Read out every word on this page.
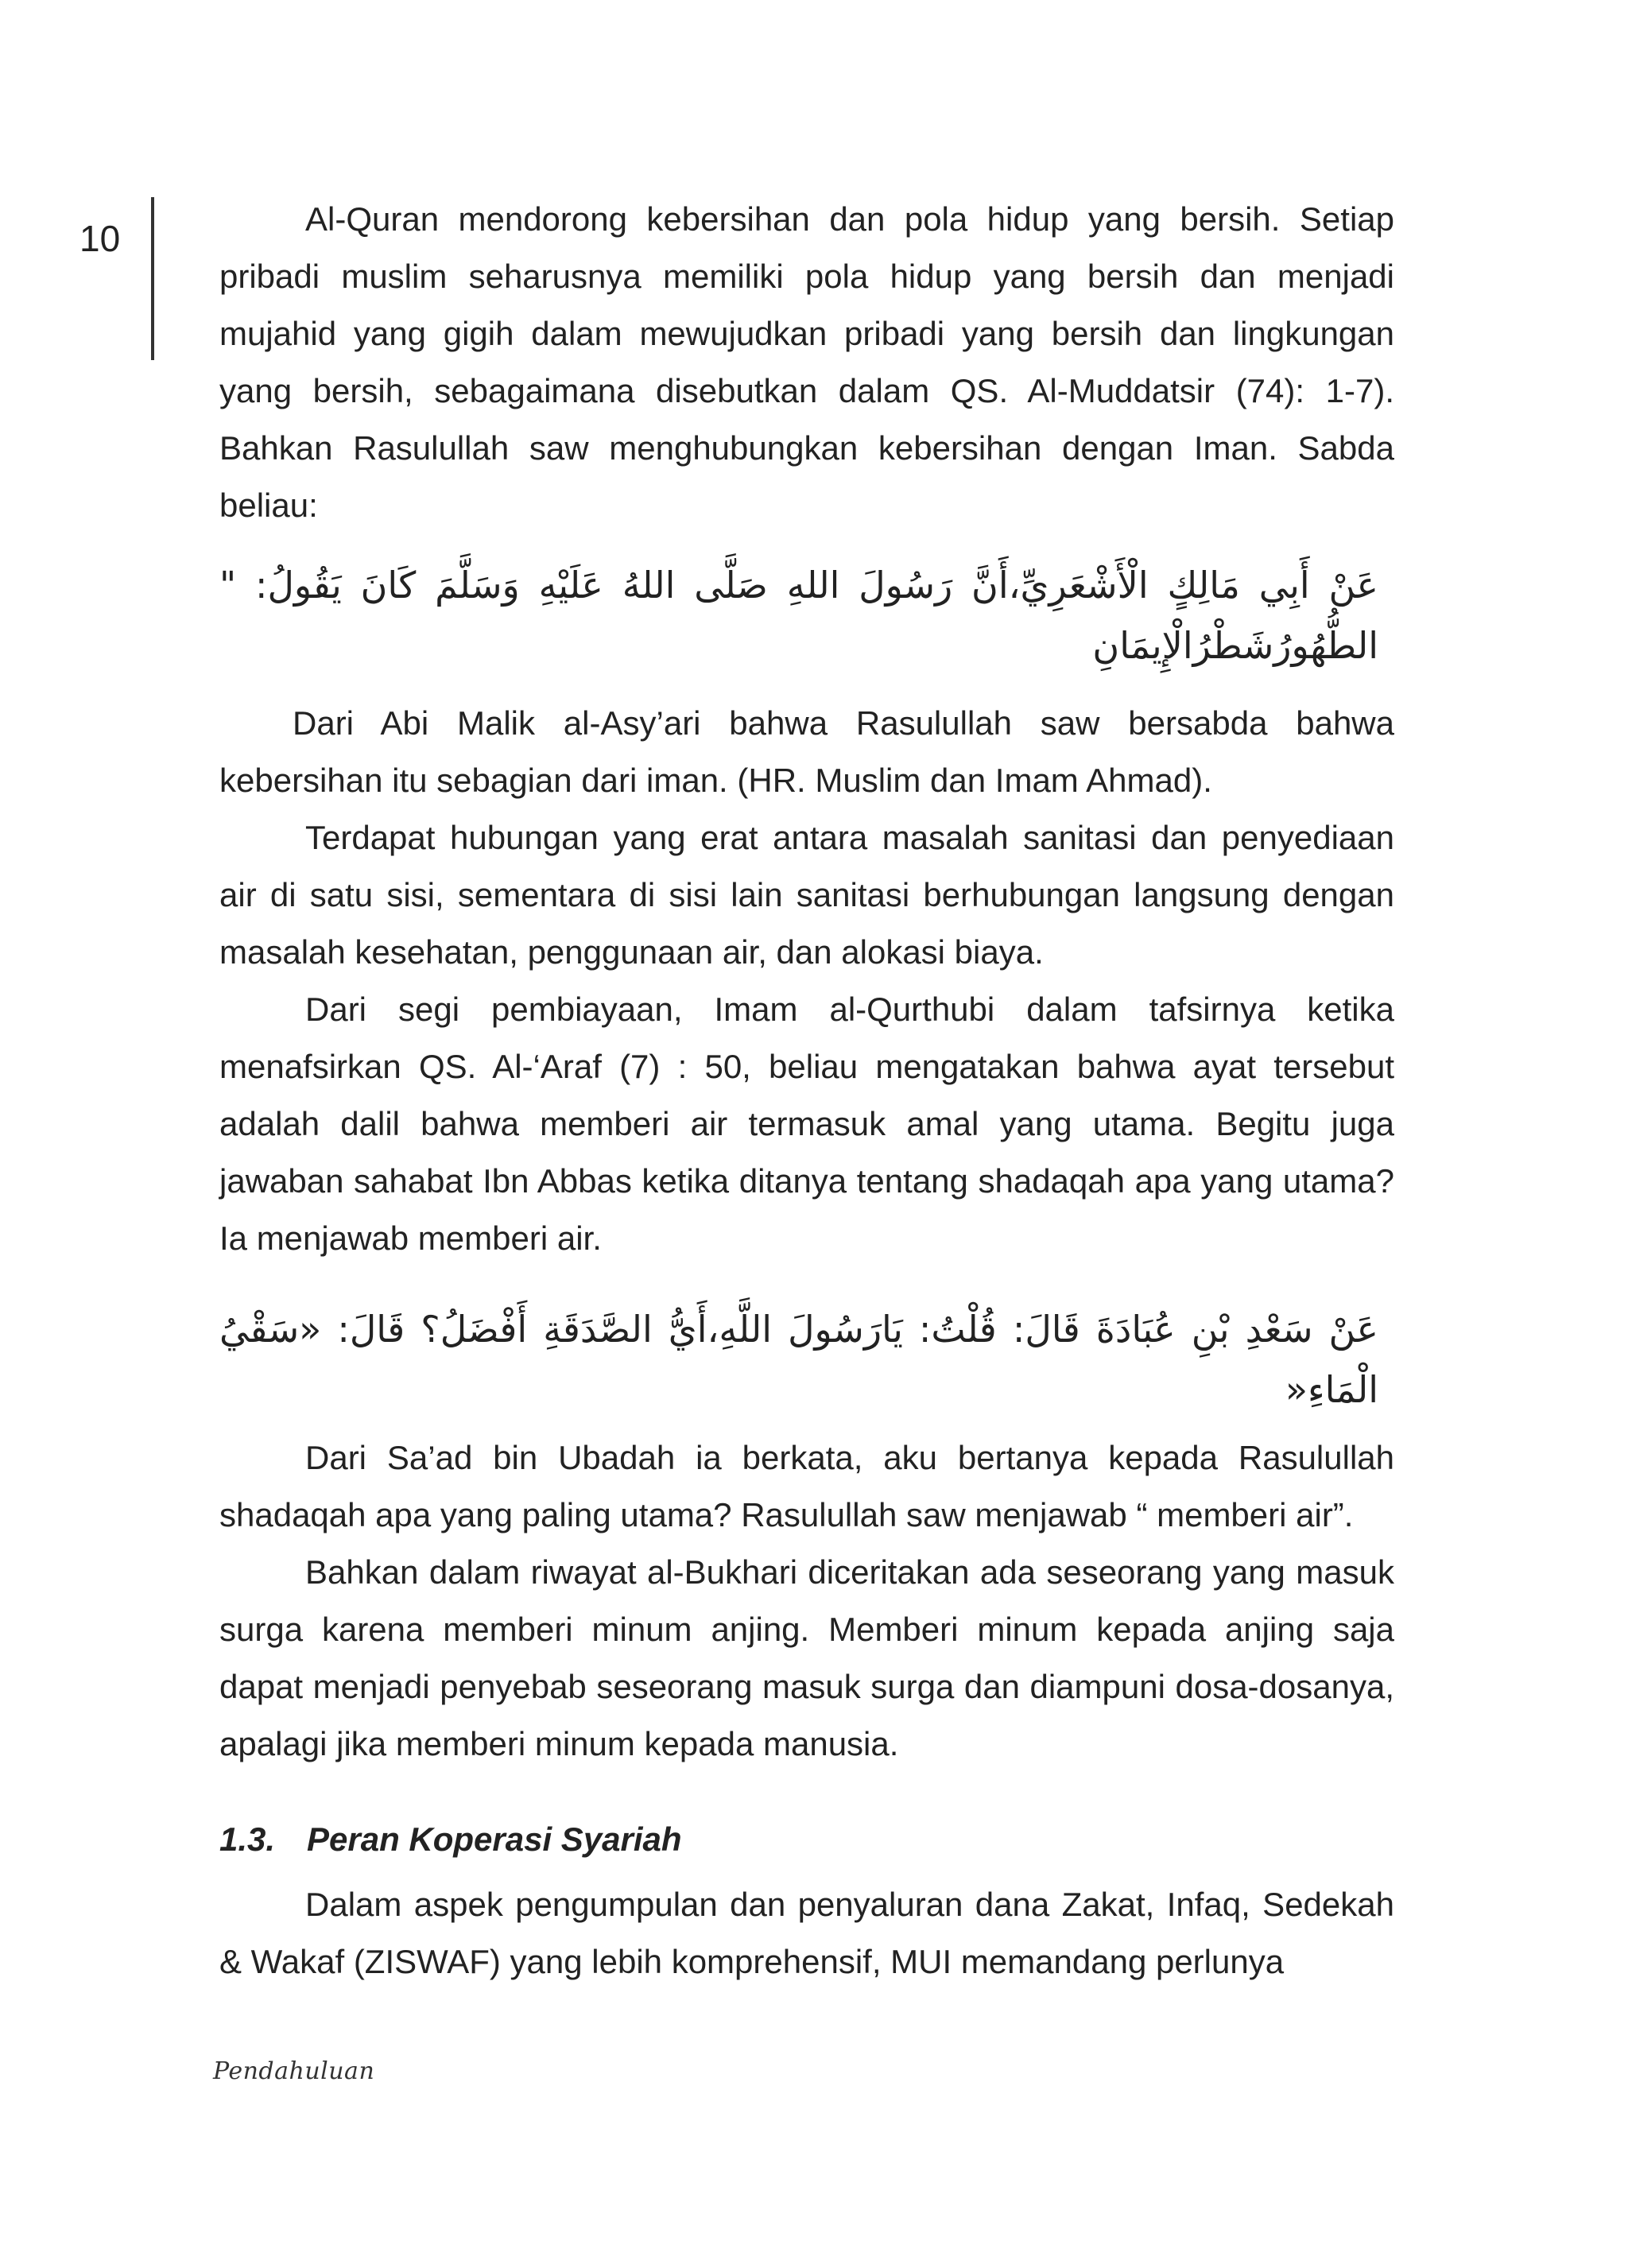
10	Al-Quran mendorong kebersihan dan pola hidup yang bersih. Setiap pribadi muslim seharusnya memiliki pola hidup yang bersih dan menjadi mujahid yang gigih dalam mewujudkan pribadi yang bersih dan lingkungan yang bersih, sebagaimana disebutkan dalam QS. Al-Muddatsir (74): 1-7). Bahkan Rasulullah saw menghubungkan kebersihan dengan Iman. Sabda beliau:

عَنْ أَبِي مَالِكٍ الْأَشْعَرِيِّ،أَنَّ رَسُولَ اللهِ صَلَّى اللهُ عَلَيْهِ وَسَلَّمَ كَانَ يَقُولُ: " الطُّهُورُشَطْرُالْإِيمَانِ

Dari Abi Malik al-Asy’ari bahwa Rasulullah saw bersabda bahwa kebersihan itu sebagian dari iman. (HR. Muslim dan Imam Ahmad).

Terdapat hubungan yang erat antara masalah sanitasi dan penyediaan air di satu sisi, sementara di sisi lain sanitasi berhubungan langsung dengan masalah kesehatan, penggunaan air, dan alokasi biaya.

Dari segi pembiayaan, Imam al-Qurthubi dalam tafsirnya ketika menafsirkan QS. Al-‘Araf (7) : 50, beliau mengatakan bahwa ayat tersebut adalah dalil bahwa memberi air termasuk amal yang utama. Begitu juga jawaban sahabat Ibn Abbas ketika ditanya tentang shadaqah apa yang utama? Ia menjawab memberi air.

عَنْ سَعْدِ بْنِ عُبَادَةَ قَالَ: قُلْتُ: يَارَسُولَ اللَّهِ،أَيُّ الصَّدَقَةِ أَفْضَلُ؟ قَالَ: «سَقْيُ الْمَاءِ«

Dari Sa’ad bin Ubadah ia berkata, aku bertanya kepada Rasulullah shadaqah apa yang paling utama? Rasulullah saw menjawab “ memberi air”.

Bahkan dalam riwayat al-Bukhari diceritakan ada seseorang yang masuk surga karena memberi minum anjing. Memberi minum kepada anjing saja dapat menjadi penyebab seseorang masuk surga dan diampuni dosa-dosanya, apalagi jika memberi minum kepada manusia.

1.3. Peran Koperasi Syariah

Dalam aspek pengumpulan dan penyaluran dana Zakat, Infaq, Sedekah & Wakaf (ZISWAF) yang lebih komprehensif, MUI memandang perlunya

Pendahuluan
